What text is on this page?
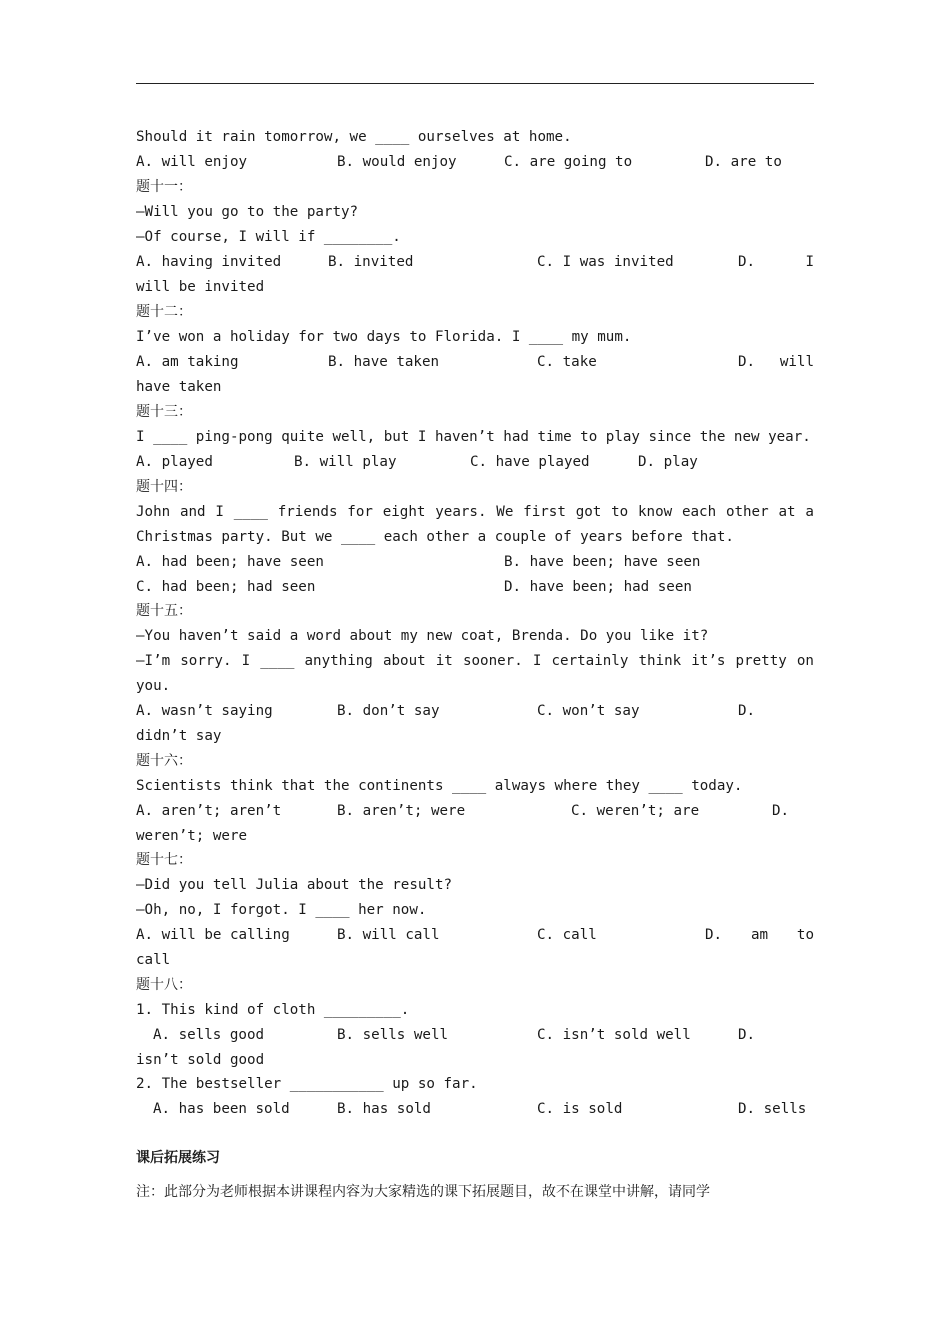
Should it rain tomorrow, we ____ ourselves at home.

A. will enjoy

	B. would enjoy

	C. are going to

	D. are to

题十一：
—Will you go to the party?
—Of course, I will if ________.

A. having invited

	B. invited

	C. I was invited

	D.

	I

will be invited
题十二：
I’ve won a holiday for two days to Florida. I ____ my mum.

A. am taking

	B. have taken

	C. take

	D.

will

have taken
题十三：
I ____ ping-pong quite well, but I haven’t had time to play since the new year.

A. played

	B. will play

	C. have played

	D. play

题十四：
John and I ____ friends for eight years. We first got to know each other at a
Christmas party. But we ____ each other a couple of years before that.

A. had been; have seen

	B. have been; have seen

C. had been; had seen

	D. have been; had seen

题十五：
—You haven’t said a word about my new coat, Brenda. Do you like it?
—I’m sorry. I ____ anything about it sooner. I certainly think it’s pretty on
you.

A. wasn’t saying

	B. don’t say

	C. won’t say

	D.

didn’t say
题十六：
Scientists think that the continents ____ always where they ____ today.

A. aren’t; aren’t

	B. aren’t; were

	C. weren’t; are

	D.

weren’t; were
题十七：
—Did you tell Julia about the result?
—Oh, no, I forgot. I ____ her now.

A. will be calling

	B. will call

	C. call

	D.

am

to

call
题十八：
1. This kind of cloth _________.

A. sells good

	B. sells well

	C. isn’t sold well

	D.

isn’t sold good
2. The bestseller ___________ up so far.

A. has been sold

	B. has sold

	C. is sold

	D. sells

课后拓展练习
注：此部分为老师根据本讲课程内容为大家精选的课下拓展题目，故不在课堂中讲解，请同学
